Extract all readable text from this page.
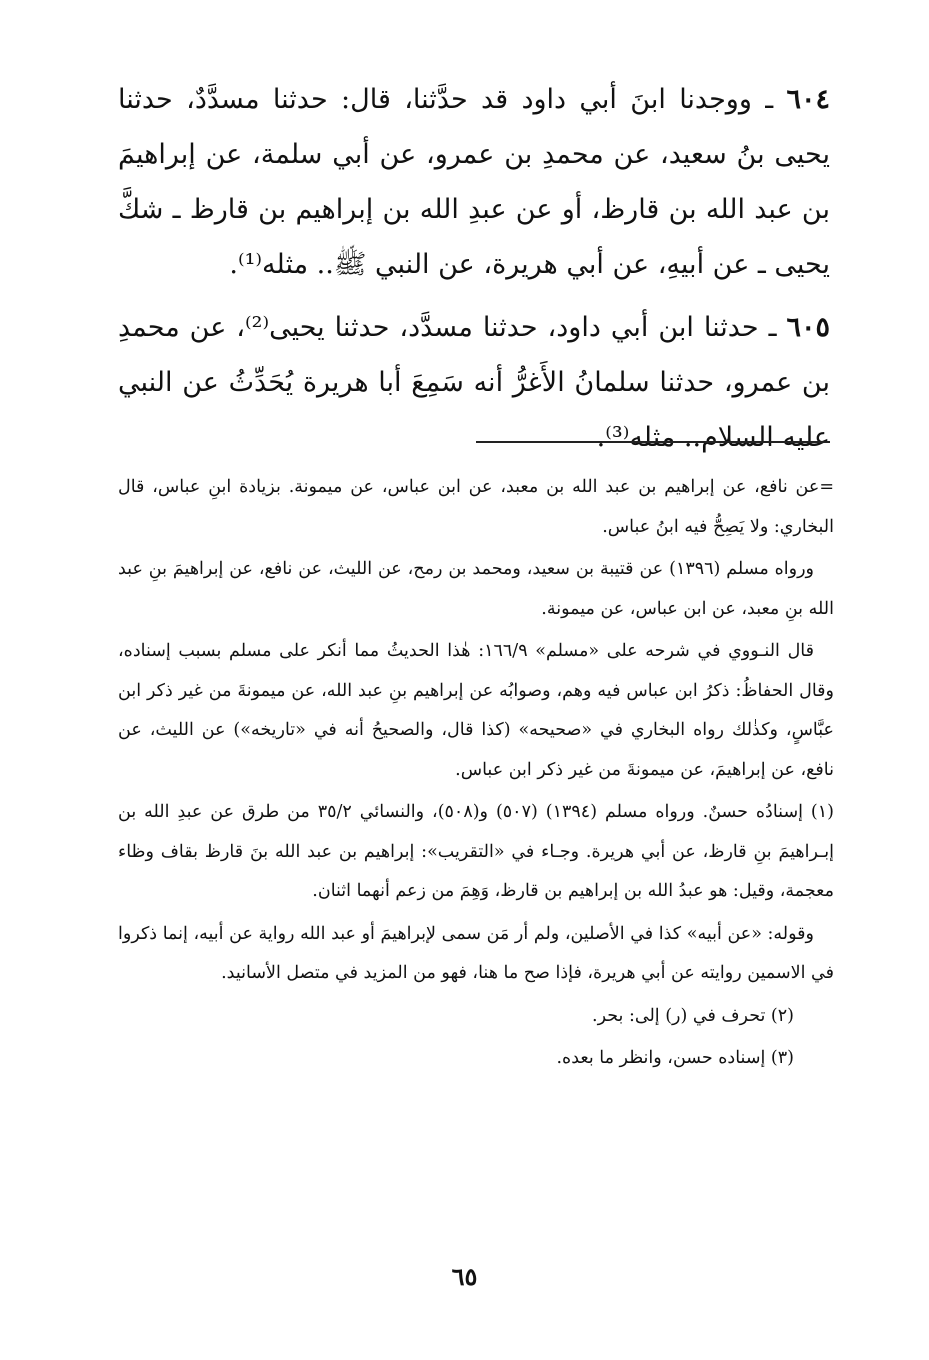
٦٠٤ ـ ووجدنا ابنَ أبي داود قد حدَّثنا، قال: حدثنا مسدَّدٌ، حدثنا يحيى بنُ سعيد، عن محمدِ بن عمرو، عن أبي سلمة، عن إبراهيمَ بن عبد الله بن قارظ، أو عن عبدِ الله بن إبراهيم بن قارظ ـ شكَّ يحيى ـ عن أبيهِ، عن أبي هريرة، عن النبي ﷺ.. مثله⁽¹⁾.

٦٠٥ ـ حدثنا ابن أبي داود، حدثنا مسدَّد، حدثنا يحيى⁽²⁾، عن محمدِ بن عمرو، حدثنا سلمانُ الأَغرُّ أنه سَمِعَ أبا هريرة يُحَدِّثُ عن النبي عليه السلام.. مثله⁽³⁾.

=عن نافع، عن إبراهيم بن عبد الله بن معبد، عن ابن عباس، عن ميمونة. بزيادة ابنِ عباس، قال البخاري: ولا يَصِحُّ فيه ابنُ عباس.

ورواه مسلم (١٣٩٦) عن قتيبة بن سعيد، ومحمد بن رمح، عن الليث، عن نافع، عن إبراهيمَ بنِ عبد الله بنِ معبد، عن ابن عباس، عن ميمونة.

قال النـووي في شرحه على «مسلم» ١٦٦/٩: هٰذا الحديثُ مما أنكر على مسلم بسبب إسناده، وقال الحفاظُ: ذكرُ ابن عباس فيه وهم، وصوابُه عن إبراهيم بنِ عبد الله، عن ميمونةَ من غير ذكر ابن عبَّاسٍ، وكذٰلك رواه البخاري في «صحيحه» (كذا قال، والصحيحُ أنه في «تاريخه») عن الليث، عن نافع، عن إبراهيمَ، عن ميمونةَ من غير ذكر ابن عباس.

(١) إسنادُه حسنٌ. ورواه مسلم (١٣٩٤) (٥٠٧) و(٥٠٨)، والنسائي ٣٥/٢ من طرق عن عبدِ الله بن إبـراهيمَ بنِ قارظ، عن أبي هريرة. وجـاء في «التقريب»: إبراهيم بن عبد الله بنَ قارظ بقاف وظاء معجمة، وقيل: هو عبدُ الله بن إبراهيم بن قارظ، وَهِمَ من زعم أنهما اثنان.

وقوله: «عن أبيه» كذا في الأصلين، ولم أر مَن سمى لإبراهيمَ أو عبد الله رواية عن أبيه، إنما ذكروا في الاسمين روايته عن أبي هريرة، فإذا صح ما هنا، فهو من المزيد في متصل الأسانيد.

(٢) تحرف في (ر) إلى: بحر.

(٣) إسناده حسن، وانظر ما بعده.

٦٥
